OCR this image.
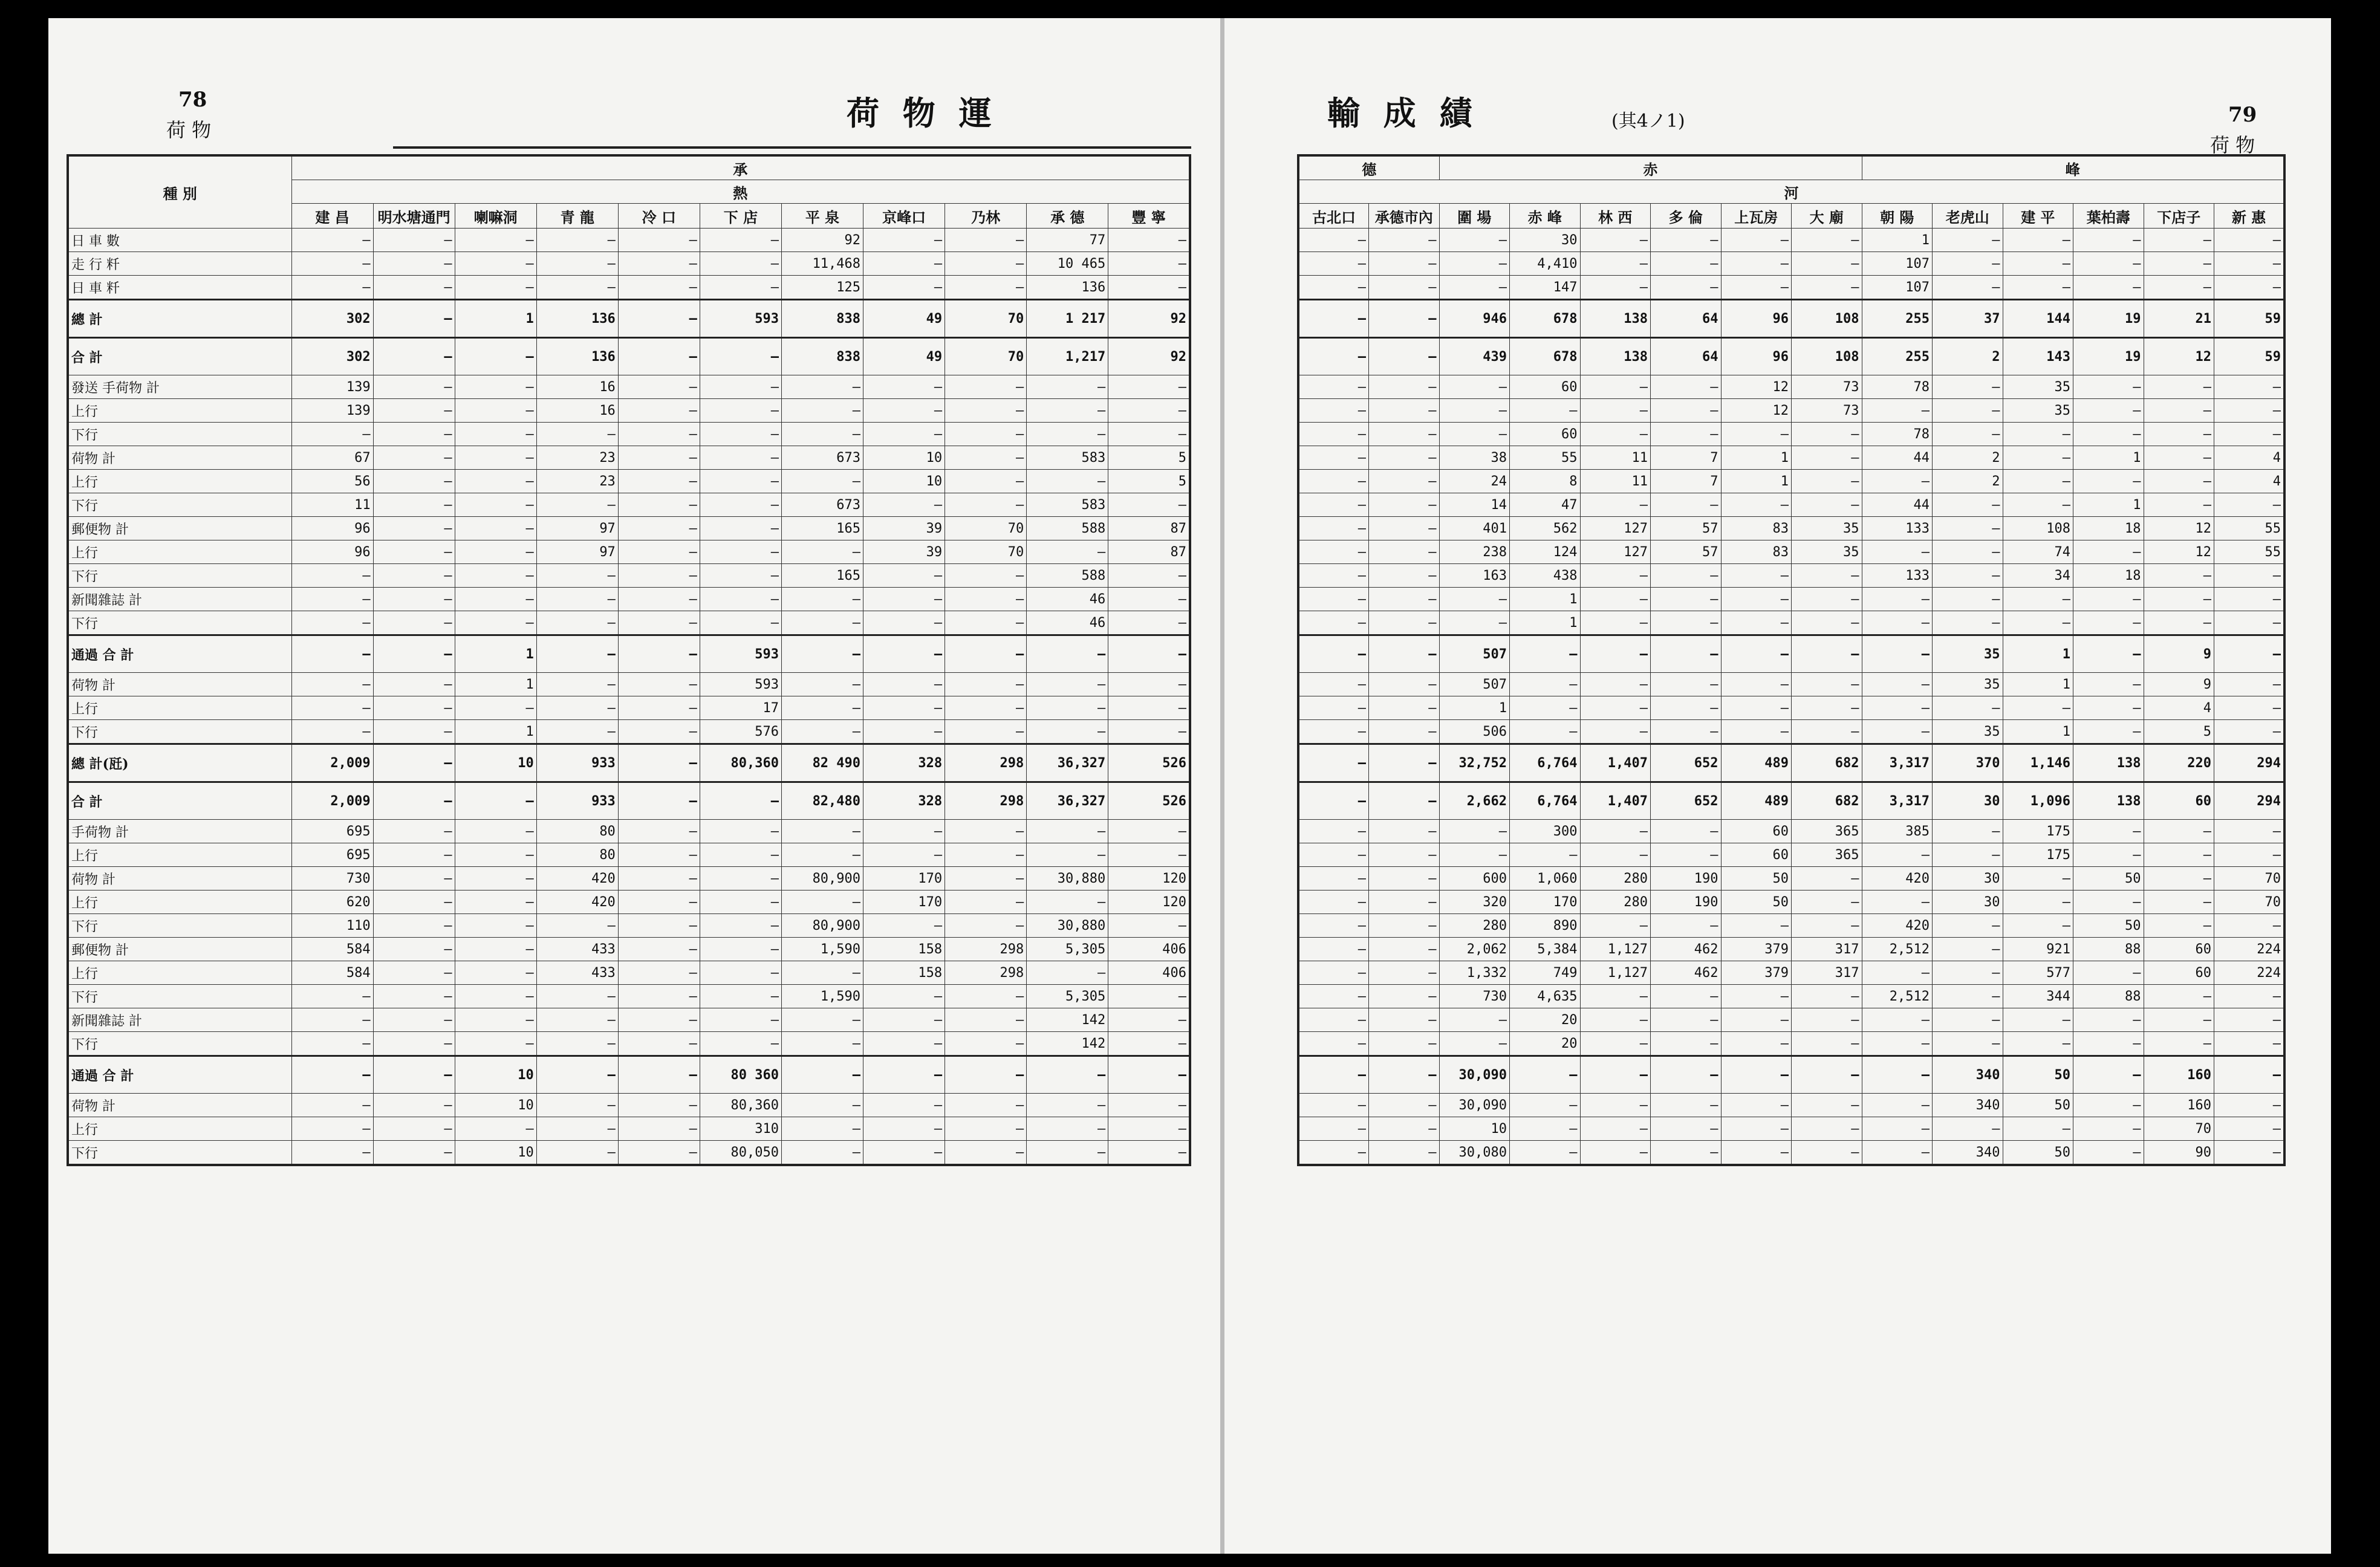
78
荷 物	荷 物 運
種 別	承										
	熱										
	建 昌	明水塘通門	喇嘛洞	青 龍	冷 口	下 店	平 泉	京峰口	乃林	承 德	豐 寧
日 車 數	—	—	—	—	—	—	92	—	—	77	—
走 行 粁	—	—	—	—	—	—	11,468	—	—	10 465	—
日 車 粁	—	—	—	—	—	—	125	—	—	136	—
總 計	302	—	1	136	—	593	838	49	70	1 217	92
合 計	302	—	—	136	—	—	838	49	70	1,217	92
發送 手荷物 計	139	—	—	16	—	—	—	—	—	—	—
上行	139	—	—	16	—	—	—	—	—	—	—
下行	—	—	—	—	—	—	—	—	—	—	—
荷物 計	67	—	—	23	—	—	673	10	—	583	5
上行	56	—	—	23	—	—	—	10	—	—	5
下行	11	—	—	—	—	—	673	—	—	583	—
郵便物 計	96	—	—	97	—	—	165	39	70	588	87
上行	96	—	—	97	—	—	—	39	70	—	87
下行	—	—	—	—	—	—	165	—	—	588	—
新聞雜誌 計	—	—	—	—	—	—	—	—	—	46	—
下行	—	—	—	—	—	—	—	—	—	46	—
通過 合 計	—	—	1	—	—	593	—	—	—	—	—
荷物 計	—	—	1	—	—	593	—	—	—	—	—
上行	—	—	—	—	—	17	—	—	—	—	—
下行	—	—	1	—	—	576	—	—	—	—	—
總 計(瓩)	2,009	—	10	933	—	80,360	82 490	328	298	36,327	526
合 計	2,009	—	—	933	—	—	82,480	328	298	36,327	526
手荷物 計	695	—	—	80	—	—	—	—	—	—	—
上行	695	—	—	80	—	—	—	—	—	—	—
荷物 計	730	—	—	420	—	—	80,900	170	—	30,880	120
上行	620	—	—	420	—	—	—	170	—	—	120
下行	110	—	—	—	—	—	80,900	—	—	30,880	—
郵便物 計	584	—	—	433	—	—	1,590	158	298	5,305	406
上行	584	—	—	433	—	—	—	158	298	—	406
下行	—	—	—	—	—	—	1,590	—	—	5,305	—
新聞雜誌 計	—	—	—	—	—	—	—	—	—	142	—
下行	—	—	—	—	—	—	—	—	—	142	—
通過 合 計	—	—	10	—	—	80 360	—	—	—	—	—
荷物 計	—	—	10	—	—	80,360	—	—	—	—	—
上行	—	—	—	—	—	310	—	—	—	—	—
下行	—	—	10	—	—	80,050	—	—	—	—	—
輸 成 績	(其4ノ1)	79
荷 物
德		赤						峰					
河													
古北口	承德市內	圍 場	赤 峰	林 西	多 倫	上瓦房	大 廟	朝 陽	老虎山	建 平	葉柏壽	下店子	新 惠
—	—	—	30	—	—	—	—	1	—	—	—	—	—
—	—	—	4,410	—	—	—	—	107	—	—	—	—	—
—	—	—	147	—	—	—	—	107	—	—	—	—	—
—	—	946	678	138	64	96	108	255	37	144	19	21	59
—	—	439	678	138	64	96	108	255	2	143	19	12	59
—	—	—	60	—	—	12	73	78	—	35	—	—	—
—	—	—	—	—	—	12	73	—	—	35	—	—	—
—	—	—	60	—	—	—	—	78	—	—	—	—	—
—	—	38	55	11	7	1	—	44	2	—	1	—	4
—	—	24	8	11	7	1	—	—	2	—	—	—	4
—	—	14	47	—	—	—	—	44	—	—	1	—	—
—	—	401	562	127	57	83	35	133	—	108	18	12	55
—	—	238	124	127	57	83	35	—	—	74	—	12	55
—	—	163	438	—	—	—	—	133	—	34	18	—	—
—	—	—	1	—	—	—	—	—	—	—	—	—	—
—	—	—	1	—	—	—	—	—	—	—	—	—	—
—	—	507	—	—	—	—	—	—	35	1	—	9	—
—	—	507	—	—	—	—	—	—	35	1	—	9	—
—	—	1	—	—	—	—	—	—	—	—	—	4	—
—	—	506	—	—	—	—	—	—	35	1	—	5	—
—	—	32,752	6,764	1,407	652	489	682	3,317	370	1,146	138	220	294
—	—	2,662	6,764	1,407	652	489	682	3,317	30	1,096	138	60	294
—	—	—	300	—	—	60	365	385	—	175	—	—	—
—	—	—	—	—	—	60	365	—	—	175	—	—	—
—	—	600	1,060	280	190	50	—	420	30	—	50	—	70
—	—	320	170	280	190	50	—	—	30	—	—	—	70
—	—	280	890	—	—	—	—	420	—	—	50	—	—
—	—	2,062	5,384	1,127	462	379	317	2,512	—	921	88	60	224
—	—	1,332	749	1,127	462	379	317	—	—	577	—	60	224
—	—	730	4,635	—	—	—	—	2,512	—	344	88	—	—
—	—	—	20	—	—	—	—	—	—	—	—	—	—
—	—	—	20	—	—	—	—	—	—	—	—	—	—
—	—	30,090	—	—	—	—	—	—	340	50	—	160	—
—	—	30,090	—	—	—	—	—	—	340	50	—	160	—
—	—	10	—	—	—	—	—	—	—	—	—	70	—
—	—	30,080	—	—	—	—	—	—	340	50	—	90	—
